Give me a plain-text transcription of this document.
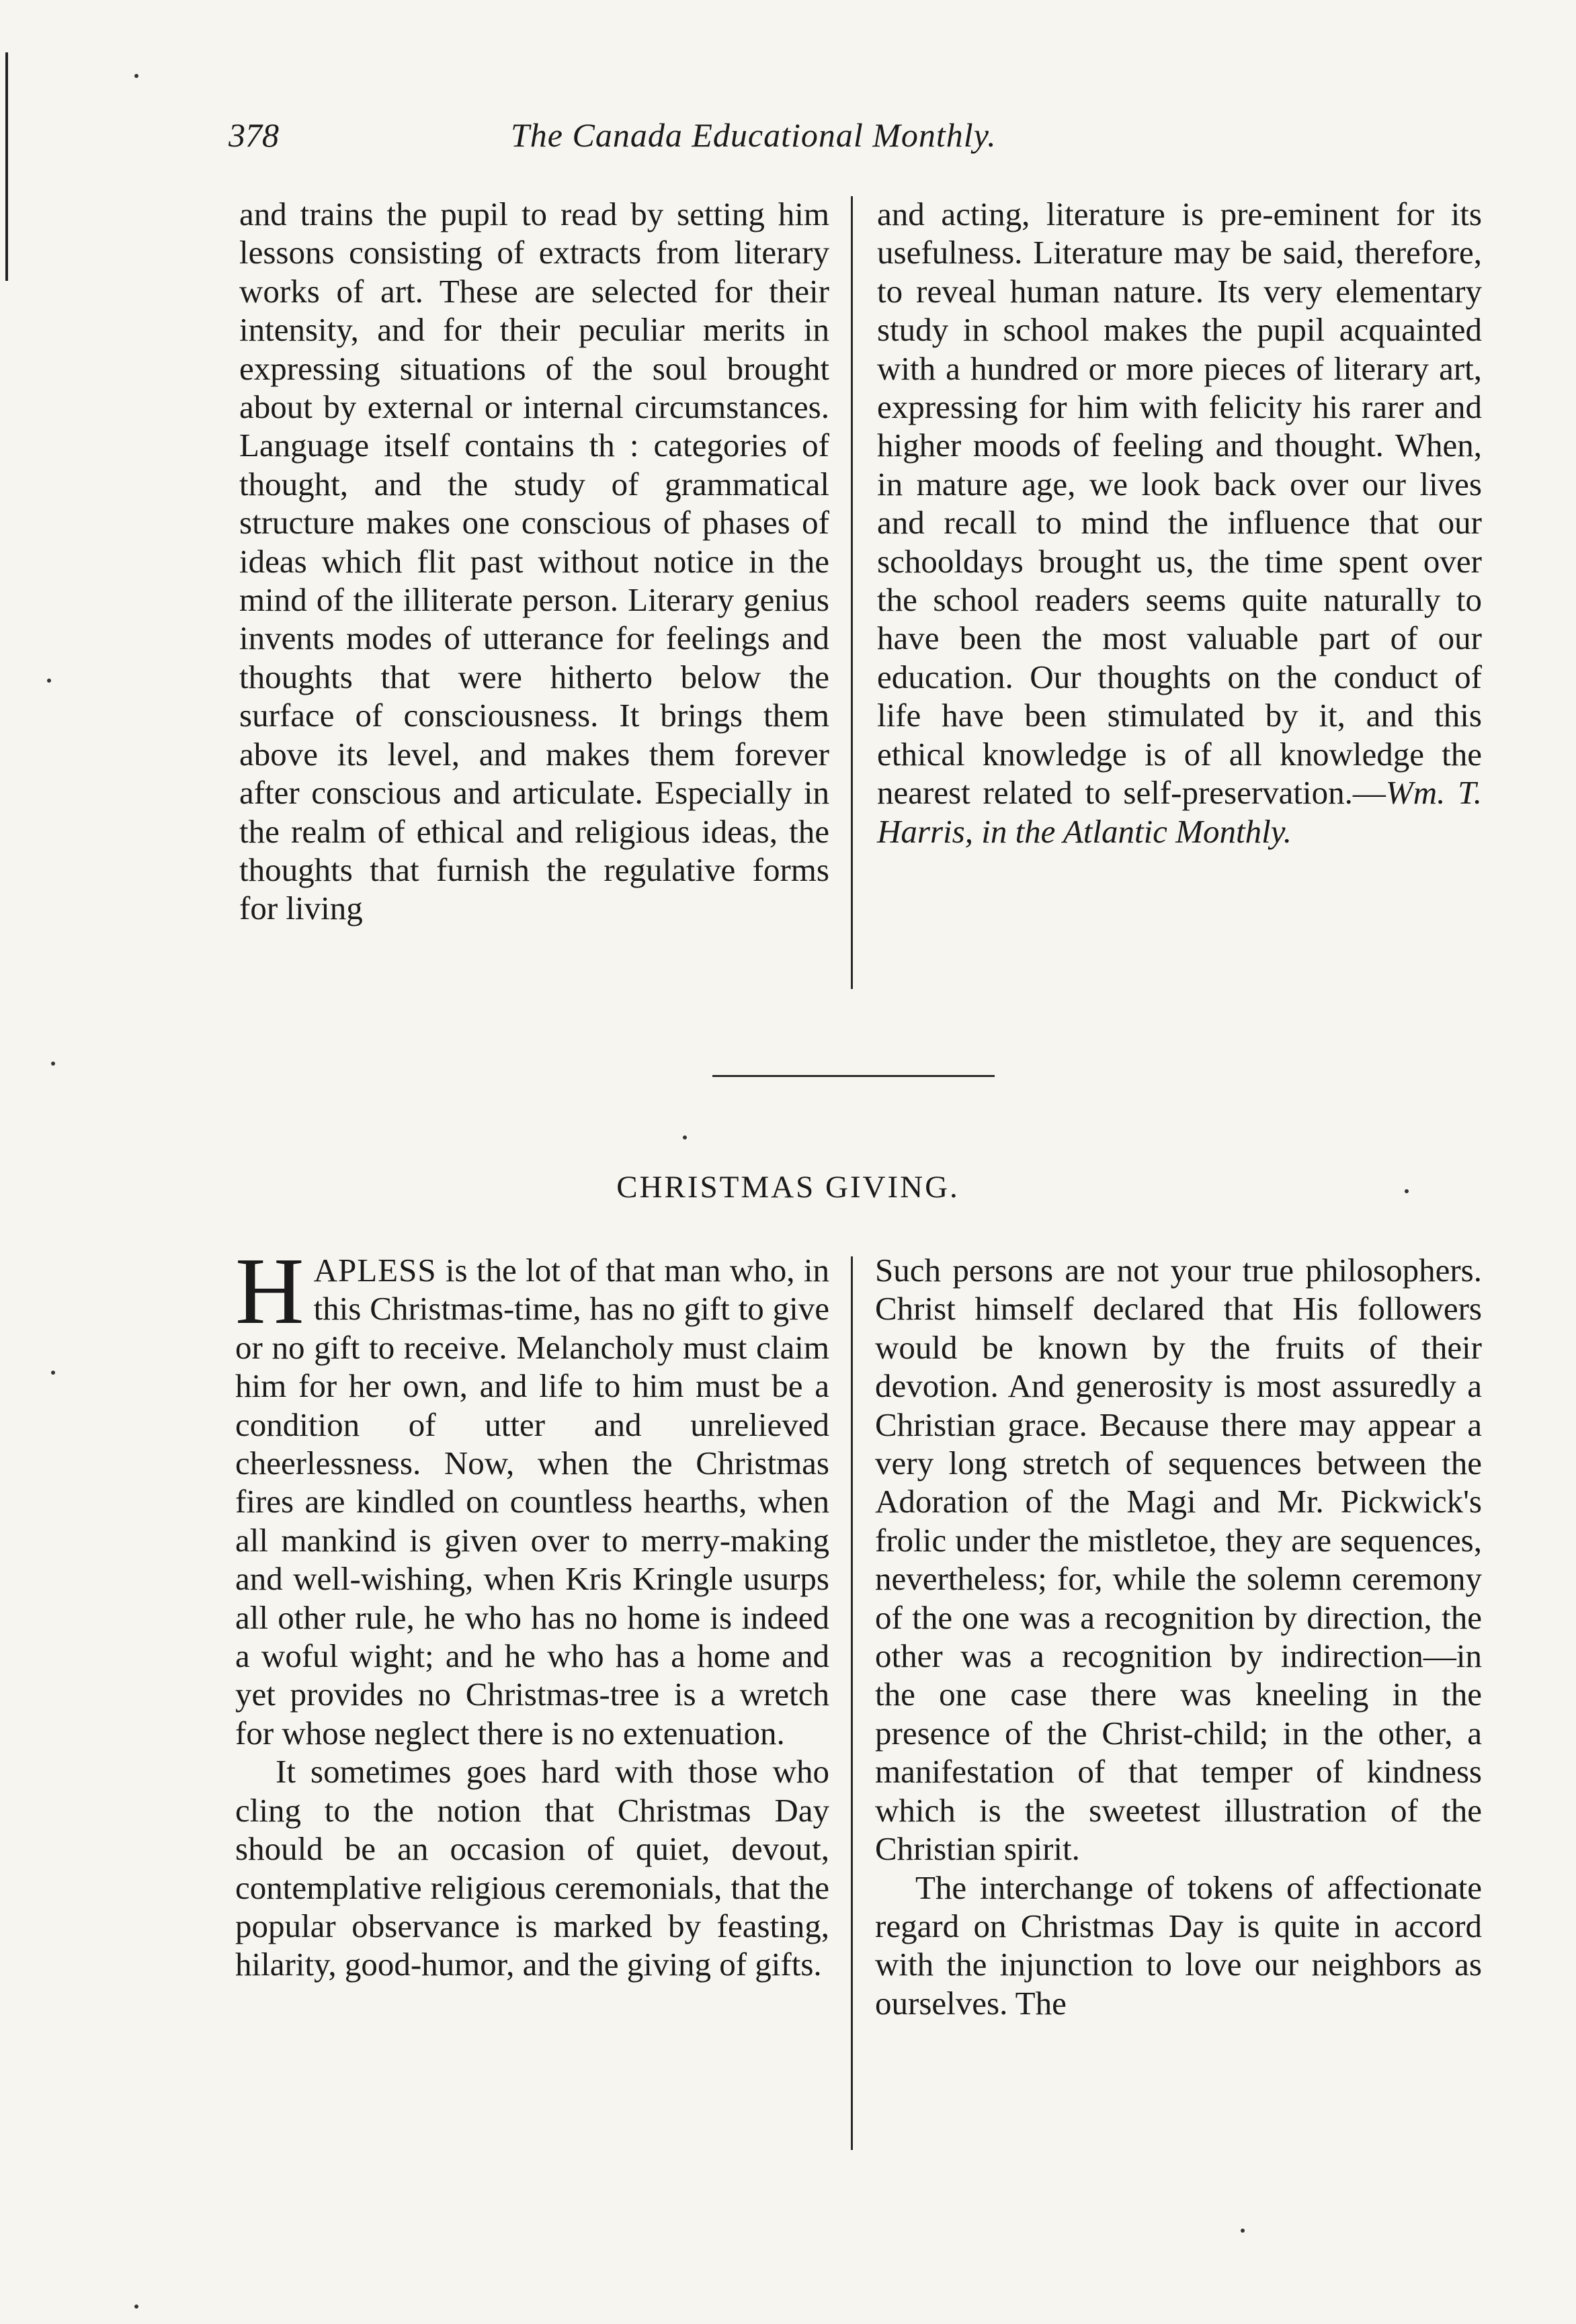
378	The Canada Educational Monthly.

and trains the pupil to read by setting him lessons consisting of extracts from literary works of art. These are selected for their intensity, and for their peculiar merits in expressing situations of the soul brought about by external or internal circumstances. Language itself contains th : categories of thought, and the study of grammatical structure makes one conscious of phases of ideas which flit past without notice in the mind of the illiterate person. Literary genius invents modes of utterance for feelings and thoughts that were hitherto below the surface of consciousness. It brings them above its level, and makes them forever after conscious and articulate. Especially in the realm of ethical and religious ideas, the thoughts that furnish the regulative forms for living

and acting, literature is pre-eminent for its usefulness. Literature may be said, therefore, to reveal human nature. Its very elementary study in school makes the pupil acquainted with a hundred or more pieces of literary art, expressing for him with felicity his rarer and higher moods of feeling and thought. When, in mature age, we look back over our lives and recall to mind the influence that our schooldays brought us, the time spent over the school readers seems quite naturally to have been the most valuable part of our education. Our thoughts on the conduct of life have been stimulated by it, and this ethical knowledge is of all knowledge the nearest related to self-preservation.—Wm. T. Harris, in the Atlantic Monthly.

CHRISTMAS GIVING.

HAPLESS is the lot of that man who, in this Christmas-time, has no gift to give or no gift to receive. Melancholy must claim him for her own, and life to him must be a condition of utter and unrelieved cheerlessness. Now, when the Christmas fires are kindled on countless hearths, when all mankind is given over to merry-making and well-wishing, when Kris Kringle usurps all other rule, he who has no home is indeed a woful wight; and he who has a home and yet provides no Christmas-tree is a wretch for whose neglect there is no extenuation.

It sometimes goes hard with those who cling to the notion that Christmas Day should be an occasion of quiet, devout, contemplative religious ceremonials, that the popular observance is marked by feasting, hilarity, good-humor, and the giving of gifts.

Such persons are not your true philosophers. Christ himself declared that His followers would be known by the fruits of their devotion. And generosity is most assuredly a Christian grace. Because there may appear a very long stretch of sequences between the Adoration of the Magi and Mr. Pickwick's frolic under the mistletoe, they are sequences, nevertheless; for, while the solemn ceremony of the one was a recognition by direction, the other was a recognition by indirection—in the one case there was kneeling in the presence of the Christ-child; in the other, a manifestation of that temper of kindness which is the sweetest illustration of the Christian spirit.

The interchange of tokens of affectionate regard on Christmas Day is quite in accord with the injunction to love our neighbors as ourselves. The
